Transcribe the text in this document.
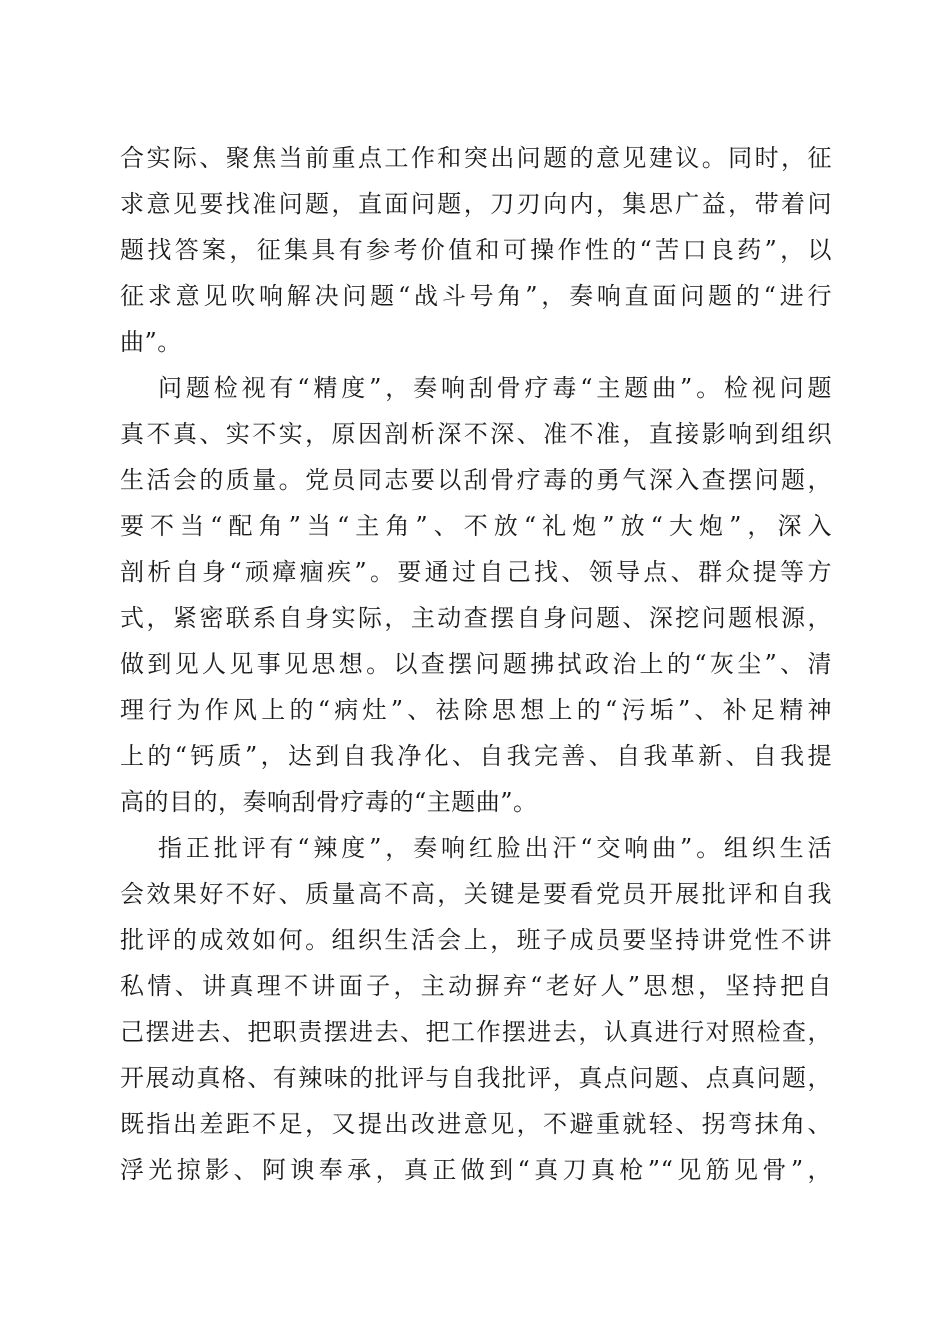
合实际、聚焦当前重点工作和突出问题的意见建议。同时，征
求意见要找准问题，直面问题，刀刃向内，集思广益，带着问
题找答案，征集具有参考价值和可操作性的“苦口良药”，以
征求意见吹响解决问题“战斗号角”，奏响直面问题的“进行
曲”。
问题检视有“精度”，奏响刮骨疗毒“主题曲”。检视问题
真不真、实不实，原因剖析深不深、准不准，直接影响到组织
生活会的质量。党员同志要以刮骨疗毒的勇气深入查摆问题，
要不当“配角”当“主角”、不放“礼炮”放“大炮”，深入
剖析自身“顽瘴痼疾”。要通过自己找、领导点、群众提等方
式，紧密联系自身实际，主动查摆自身问题、深挖问题根源，
做到见人见事见思想。以查摆问题拂拭政治上的“灰尘”、清
理行为作风上的“病灶”、祛除思想上的“污垢”、补足精神
上的“钙质”，达到自我净化、自我完善、自我革新、自我提
高的目的，奏响刮骨疗毒的“主题曲”。
指正批评有“辣度”，奏响红脸出汗“交响曲”。组织生活
会效果好不好、质量高不高，关键是要看党员开展批评和自我
批评的成效如何。组织生活会上，班子成员要坚持讲党性不讲
私情、讲真理不讲面子，主动摒弃“老好人”思想，坚持把自
己摆进去、把职责摆进去、把工作摆进去，认真进行对照检查，
开展动真格、有辣味的批评与自我批评，真点问题、点真问题，
既指出差距不足，又提出改进意见，不避重就轻、拐弯抹角、
浮光掠影、阿谀奉承，真正做到“真刀真枪”“见筋见骨”，
